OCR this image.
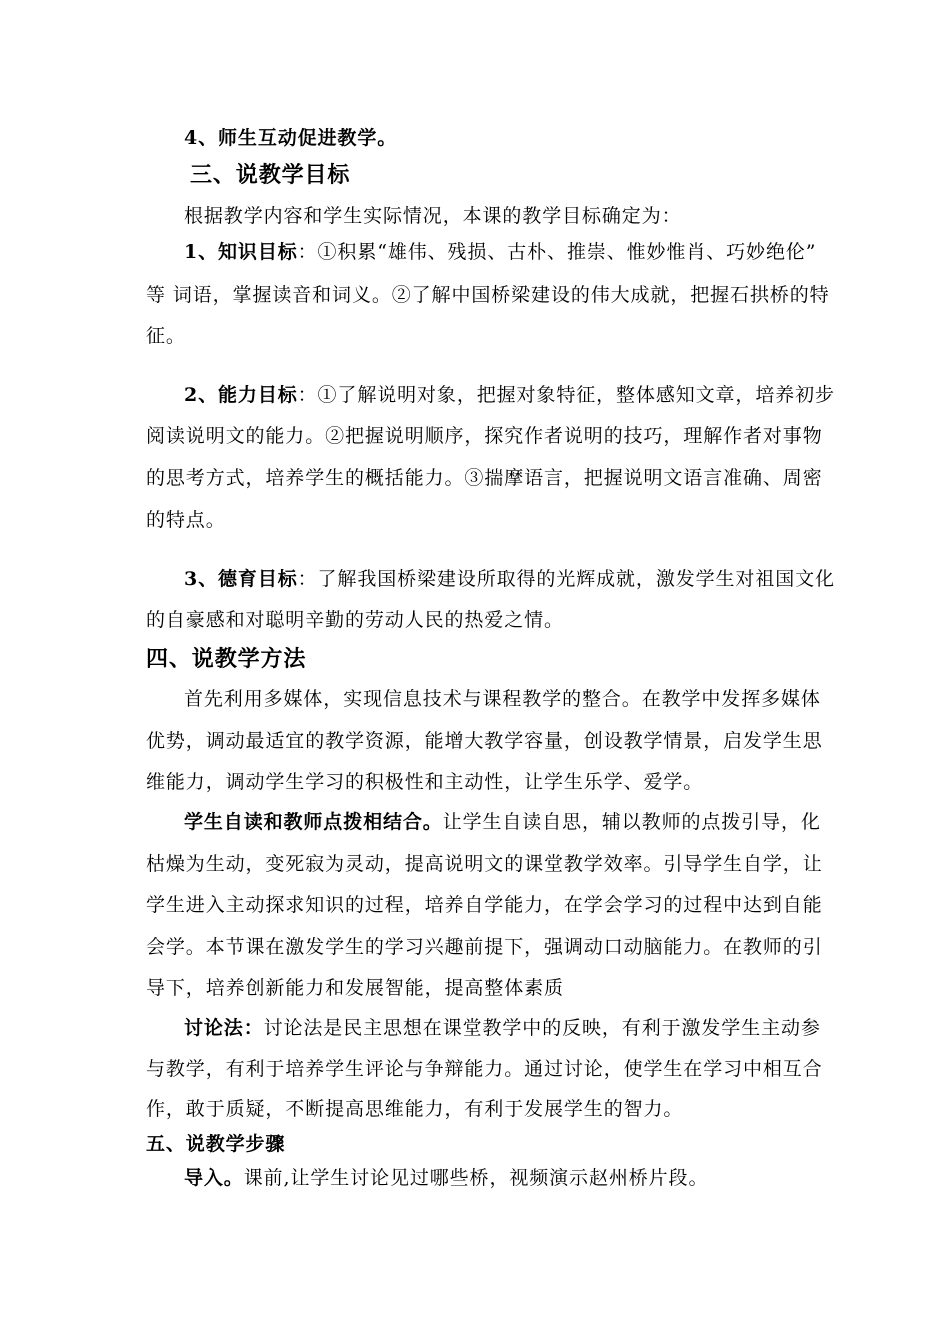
4、师生互动促进教学。
三、说教学目标
根据教学内容和学生实际情况，本课的教学目标确定为：
1、知识目标：①积累“雄伟、残损、古朴、推崇、惟妙惟肖、巧妙绝伦”
等 词语，掌握读音和词义。②了解中国桥梁建设的伟大成就，把握石拱桥的特
征。
2、能力目标：①了解说明对象，把握对象特征，整体感知文章，培养初步
阅读说明文的能力。②把握说明顺序，探究作者说明的技巧，理解作者对事物
的思考方式，培养学生的概括能力。③揣摩语言，把握说明文语言准确、周密
的特点。
3、德育目标：了解我国桥梁建设所取得的光辉成就，激发学生对祖国文化
的自豪感和对聪明辛勤的劳动人民的热爱之情。
四、说教学方法
首先利用多媒体，实现信息技术与课程教学的整合。在教学中发挥多媒体
优势，调动最适宜的教学资源，能增大教学容量，创设教学情景，启发学生思
维能力，调动学生学习的积极性和主动性，让学生乐学、爱学。
学生自读和教师点拨相结合。让学生自读自思，辅以教师的点拨引导，化
枯燥为生动，变死寂为灵动，提高说明文的课堂教学效率。引导学生自学，让
学生进入主动探求知识的过程，培养自学能力，在学会学习的过程中达到自能
会学。本节课在激发学生的学习兴趣前提下，强调动口动脑能力。在教师的引
导下，培养创新能力和发展智能，提高整体素质
讨论法：讨论法是民主思想在课堂教学中的反映，有利于激发学生主动参
与教学，有利于培养学生评论与争辩能力。通过讨论，使学生在学习中相互合
作，敢于质疑，不断提高思维能力，有利于发展学生的智力。
五、说教学步骤
导入。课前,让学生讨论见过哪些桥，视频演示赵州桥片段。
